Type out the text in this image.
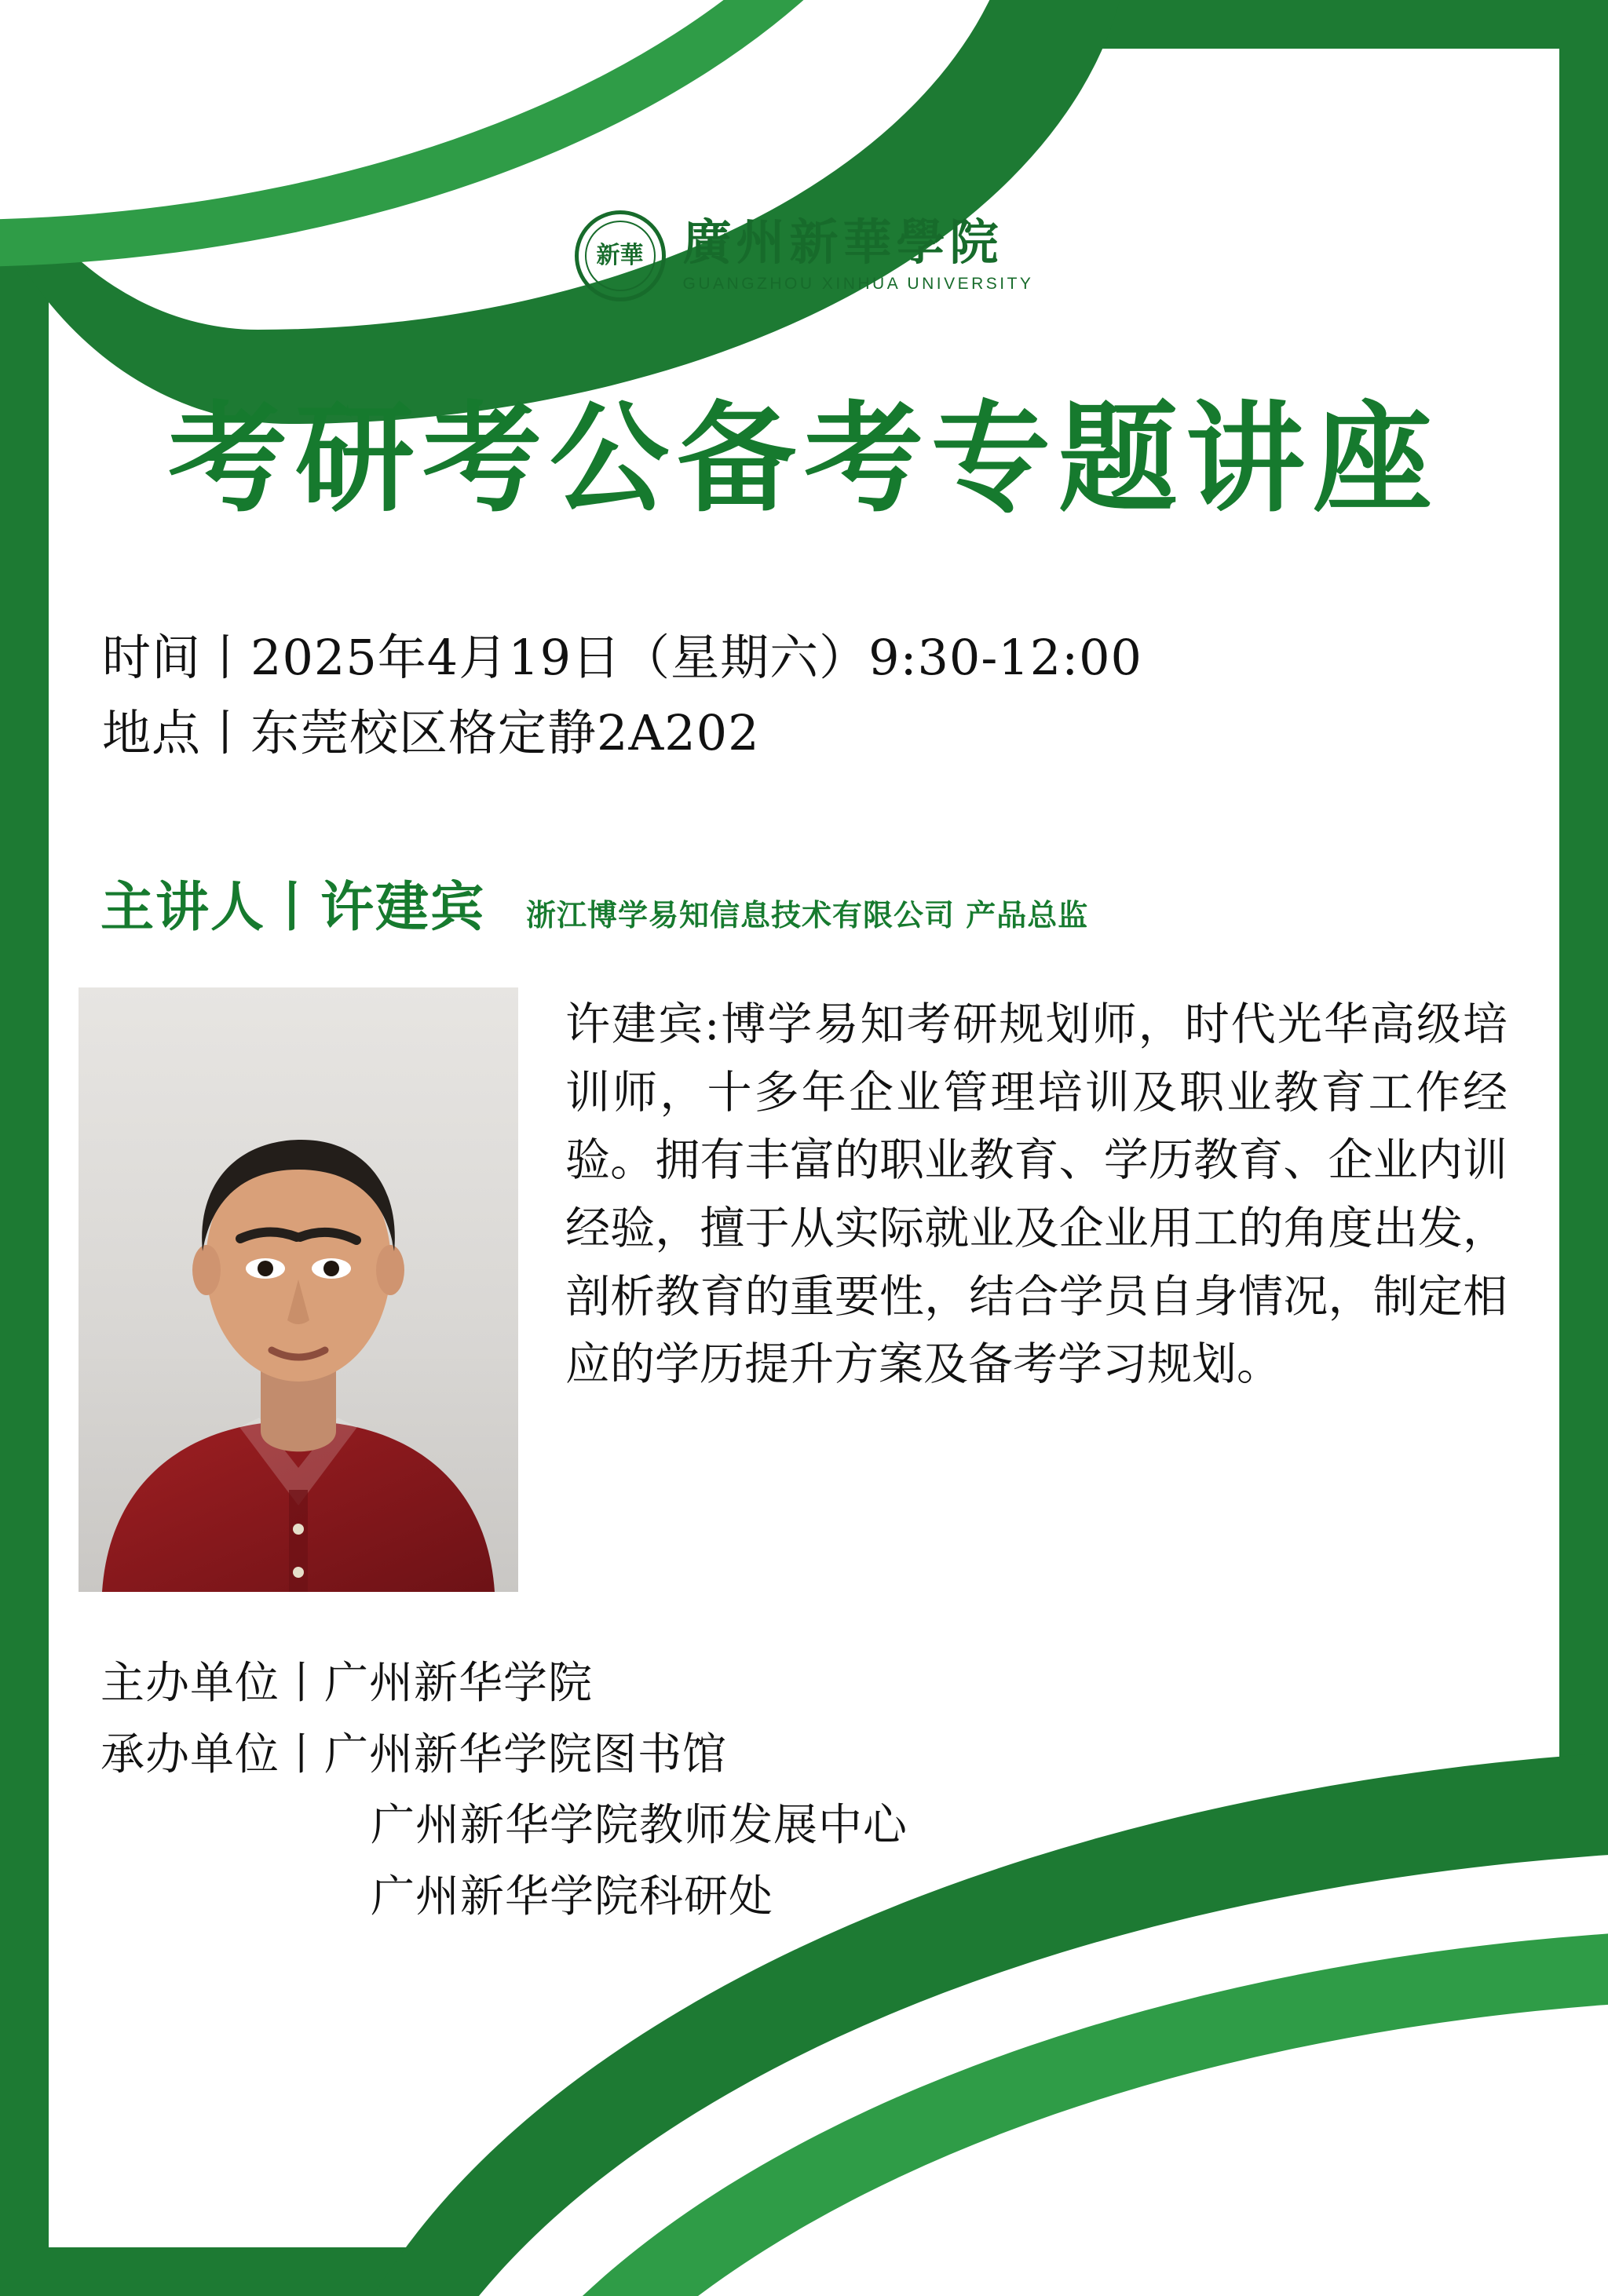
新華 廣州新華學院
GUANGZHOU XINHUA UNIVERSITY
考研考公备考专题讲座
时间丨2025年4月19日（星期六）9:30-12:00
地点丨东莞校区格定静2A202
主讲人丨许建宾 浙江博学易知信息技术有限公司 产品总监
许建宾:博学易知考研规划师，时代光华高级培训师，十多年企业管理培训及职业教育工作经验。拥有丰富的职业教育、学历教育、企业内训经验，擅于从实际就业及企业用工的角度出发，剖析教育的重要性，结合学员自身情况，制定相应的学历提升方案及备考学习规划。
主办单位丨广州新华学院
承办单位丨广州新华学院图书馆
广州新华学院教师发展中心
广州新华学院科研处
